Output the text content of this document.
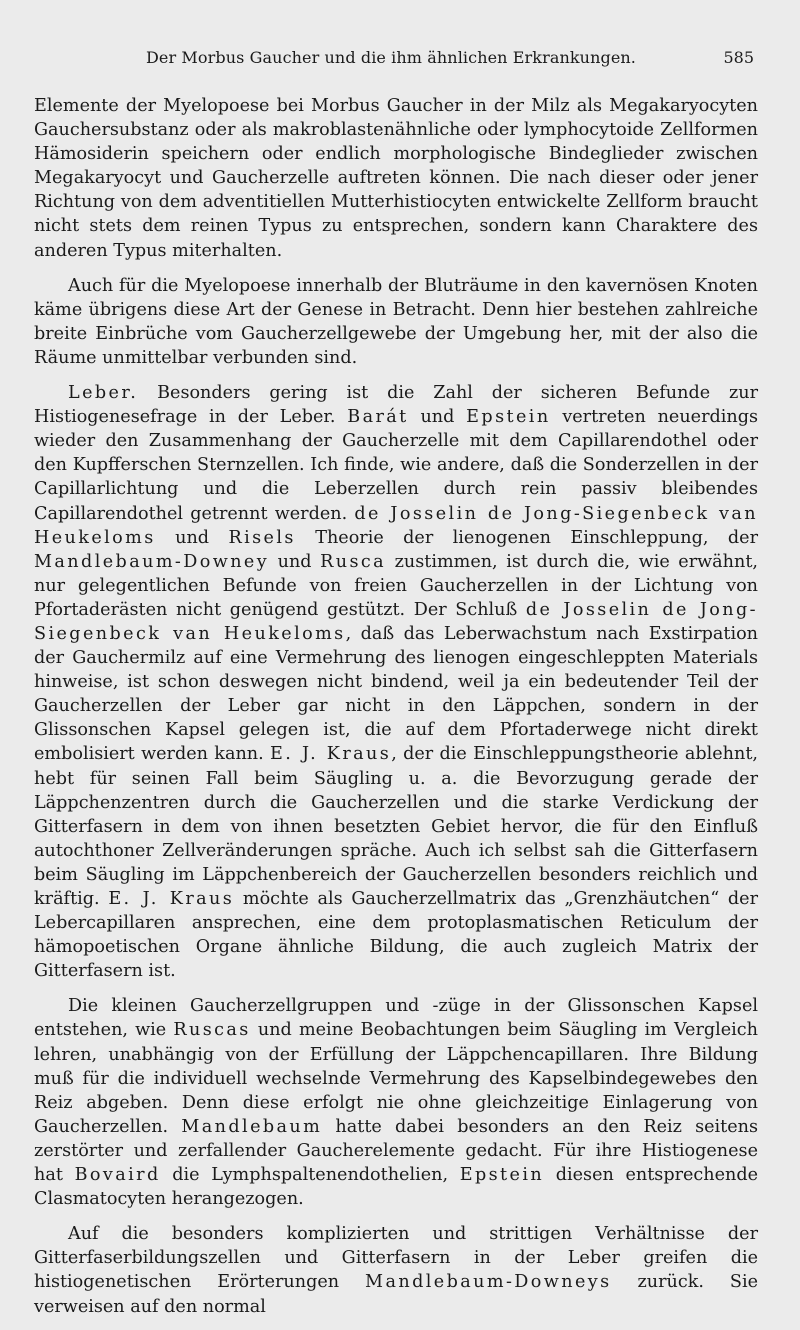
Der Morbus Gaucher und die ihm ähnlichen Erkrankungen.	585

Elemente der Myelopoese bei Morbus Gaucher in der Milz als Megakaryocyten Gauchersubstanz oder als makroblastenähnliche oder lymphocytoide Zellformen Hämosiderin speichern oder endlich morphologische Bindeglieder zwischen Megakaryocyt und Gaucherzelle auftreten können. Die nach dieser oder jener Richtung von dem adventitiellen Mutterhistiocyten entwickelte Zellform braucht nicht stets dem reinen Typus zu entsprechen, sondern kann Charaktere des anderen Typus miterhalten.

Auch für die Myelopoese innerhalb der Bluträume in den kavernösen Knoten käme übrigens diese Art der Genese in Betracht. Denn hier bestehen zahlreiche breite Einbrüche vom Gaucherzellgewebe der Umgebung her, mit der also die Räume unmittelbar verbunden sind.

Leber. Besonders gering ist die Zahl der sicheren Befunde zur Histiogenesefrage in der Leber. Barát und Epstein vertreten neuerdings wieder den Zusammenhang der Gaucherzelle mit dem Capillarendothel oder den Kupfferschen Sternzellen. Ich finde, wie andere, daß die Sonderzellen in der Capillarlichtung und die Leberzellen durch rein passiv bleibendes Capillarendothel getrennt werden. de Josselin de Jong-Siegenbeck van Heukeloms und Risels Theorie der lienogenen Einschleppung, der Mandlebaum-Downey und Rusca zustimmen, ist durch die, wie erwähnt, nur gelegentlichen Befunde von freien Gaucherzellen in der Lichtung von Pfortaderästen nicht genügend gestützt. Der Schluß de Josselin de Jong-Siegenbeck van Heukeloms, daß das Leberwachstum nach Exstirpation der Gauchermilz auf eine Vermehrung des lienogen eingeschleppten Materials hinweise, ist schon deswegen nicht bindend, weil ja ein bedeutender Teil der Gaucherzellen der Leber gar nicht in den Läppchen, sondern in der Glissonschen Kapsel gelegen ist, die auf dem Pfortaderwege nicht direkt embolisiert werden kann. E. J. Kraus, der die Einschleppungstheorie ablehnt, hebt für seinen Fall beim Säugling u. a. die Bevorzugung gerade der Läppchenzentren durch die Gaucherzellen und die starke Verdickung der Gitterfasern in dem von ihnen besetzten Gebiet hervor, die für den Einfluß autochthoner Zellveränderungen spräche. Auch ich selbst sah die Gitterfasern beim Säugling im Läppchenbereich der Gaucherzellen besonders reichlich und kräftig. E. J. Kraus möchte als Gaucherzellmatrix das „Grenzhäutchen“ der Lebercapillaren ansprechen, eine dem protoplasmatischen Reticulum der hämopoetischen Organe ähnliche Bildung, die auch zugleich Matrix der Gitterfasern ist.

Die kleinen Gaucherzellgruppen und -züge in der Glissonschen Kapsel entstehen, wie Ruscas und meine Beobachtungen beim Säugling im Vergleich lehren, unabhängig von der Erfüllung der Läppchencapillaren. Ihre Bildung muß für die individuell wechselnde Vermehrung des Kapselbindegewebes den Reiz abgeben. Denn diese erfolgt nie ohne gleichzeitige Einlagerung von Gaucherzellen. Mandlebaum hatte dabei besonders an den Reiz seitens zerstörter und zerfallender Gaucherelemente gedacht. Für ihre Histiogenese hat Bovaird die Lymphspaltenendothelien, Epstein diesen entsprechende Clasmatocyten herangezogen.

Auf die besonders komplizierten und strittigen Verhältnisse der Gitterfaserbildungszellen und Gitterfasern in der Leber greifen die histiogenetischen Erörterungen Mandlebaum-Downeys zurück. Sie verweisen auf den normal
